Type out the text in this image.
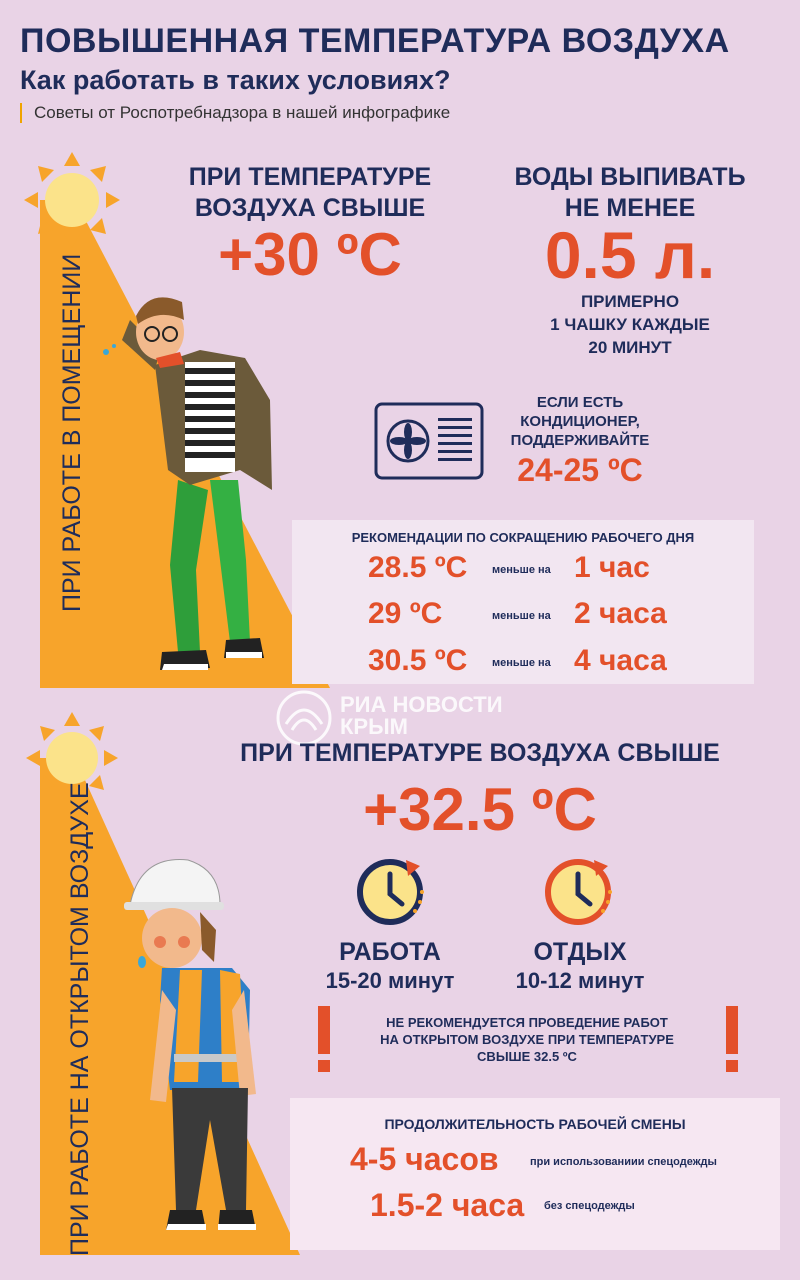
ПОВЫШЕННАЯ ТЕМПЕРАТУРА ВОЗДУХА
Как работать в таких условиях?
Советы от Роспотребнадзора в нашей инфографике
ПРИ РАБОТЕ В ПОМЕЩЕНИИ
ПРИ ТЕМПЕРАТУРЕ
ВОЗДУХА СВЫШЕ
+30 ºС
ВОДЫ ВЫПИВАТЬ
НЕ МЕНЕЕ
0.5 л.
ПРИМЕРНО
1 ЧАШКУ КАЖДЫЕ
20 МИНУТ
ЕСЛИ ЕСТЬ
КОНДИЦИОНЕР,
ПОДДЕРЖИВАЙТЕ
24-25 ºС
РЕКОМЕНДАЦИИ ПО СОКРАЩЕНИЮ РАБОЧЕГО ДНЯ
28.5 ºС меньше на 1 час
29 ºС	меньше на 2 часа
30.5 ºС меньше на 4 часа
РИА НОВОСТИ
КРЫМ
ПРИ РАБОТЕ НА ОТКРЫТОМ ВОЗДУХЕ
ПРИ ТЕМПЕРАТУРЕ ВОЗДУХА СВЫШЕ
+32.5 ºС
РАБОТА
15-20 минут
ОТДЫХ
10-12 минут
НЕ РЕКОМЕНДУЕТСЯ ПРОВЕДЕНИЕ РАБОТ
НА ОТКРЫТОМ ВОЗДУХЕ ПРИ ТЕМПЕРАТУРЕ
СВЫШЕ 32.5 ºС
ПРОДОЛЖИТЕЛЬНОСТЬ РАБОЧЕЙ СМЕНЫ
4-5 часов	при использованиии спецодежды
1.5-2 часа без спецодежды
